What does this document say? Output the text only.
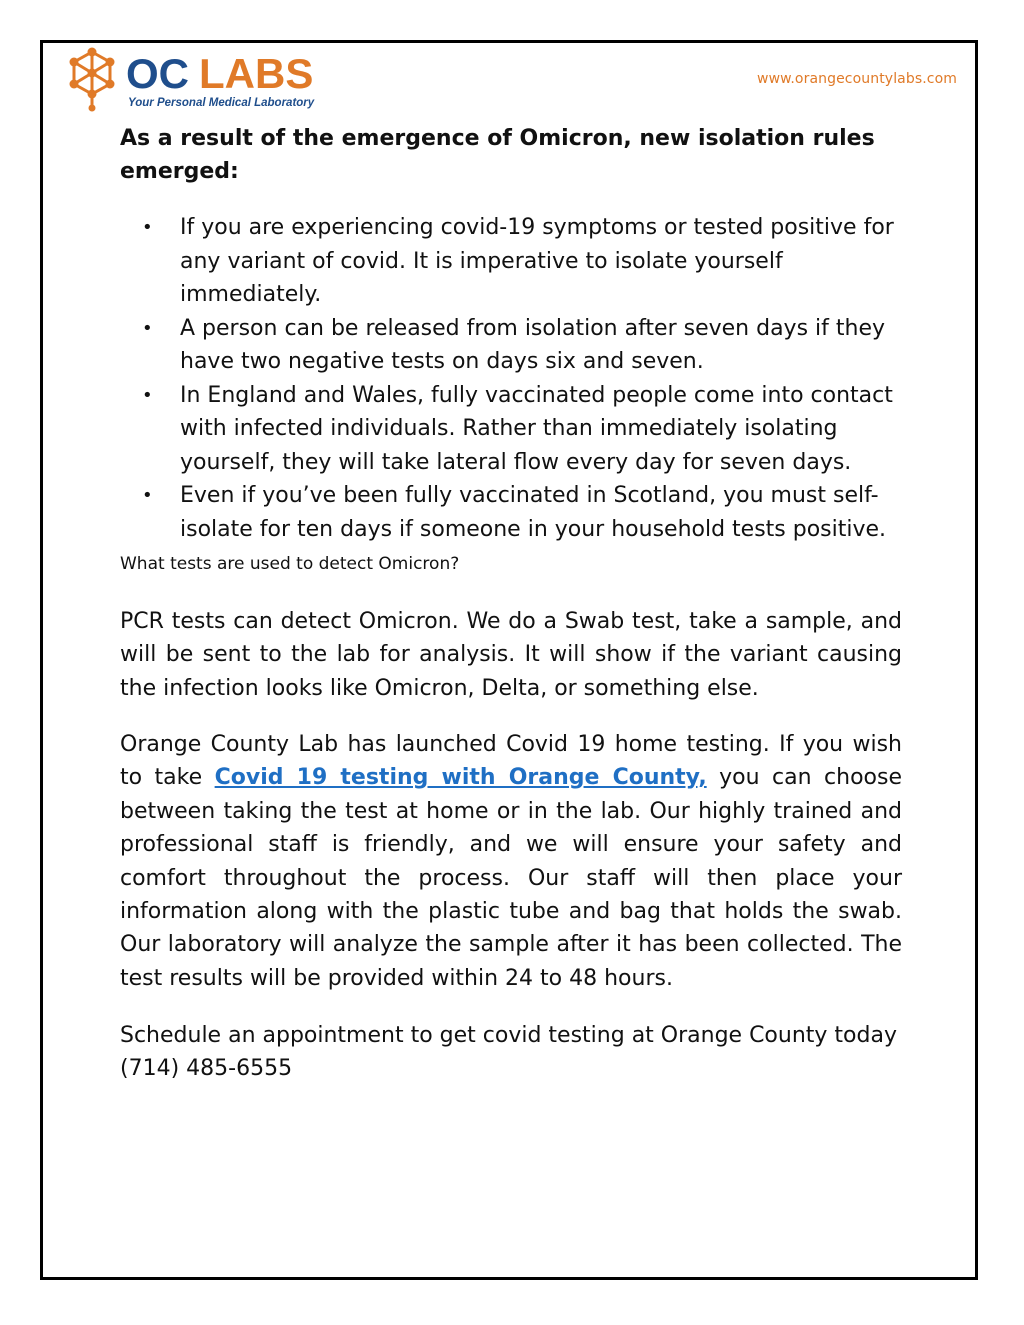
OC LABS
Your Personal Medical Laboratory
www.orangecountylabs.com
As a result of the emergence of Omicron, new isolation rules emerged:
• If you are experiencing covid-19 symptoms or tested positive for any variant of covid. It is imperative to isolate yourself immediately.
• A person can be released from isolation after seven days if they have two negative tests on days six and seven.
• In England and Wales, fully vaccinated people come into contact with infected individuals. Rather than immediately isolating yourself, they will take lateral flow every day for seven days.
• Even if you’ve been fully vaccinated in Scotland, you must self-isolate for ten days if someone in your household tests positive.
What tests are used to detect Omicron?

PCR tests can detect Omicron. We do a Swab test, take a sample, and will be sent to the lab for analysis. It will show if the variant causing the infection looks like Omicron, Delta, or something else.

Orange County Lab has launched Covid 19 home testing. If you wish to take Covid 19 testing with Orange County, you can choose between taking the test at home or in the lab. Our highly trained and professional staff is friendly, and we will ensure your safety and comfort throughout the process. Our staff will then place your information along with the plastic tube and bag that holds the swab. Our laboratory will analyze the sample after it has been collected. The test results will be provided within 24 to 48 hours.

Schedule an appointment to get covid testing at Orange County today (714) 485-6555
